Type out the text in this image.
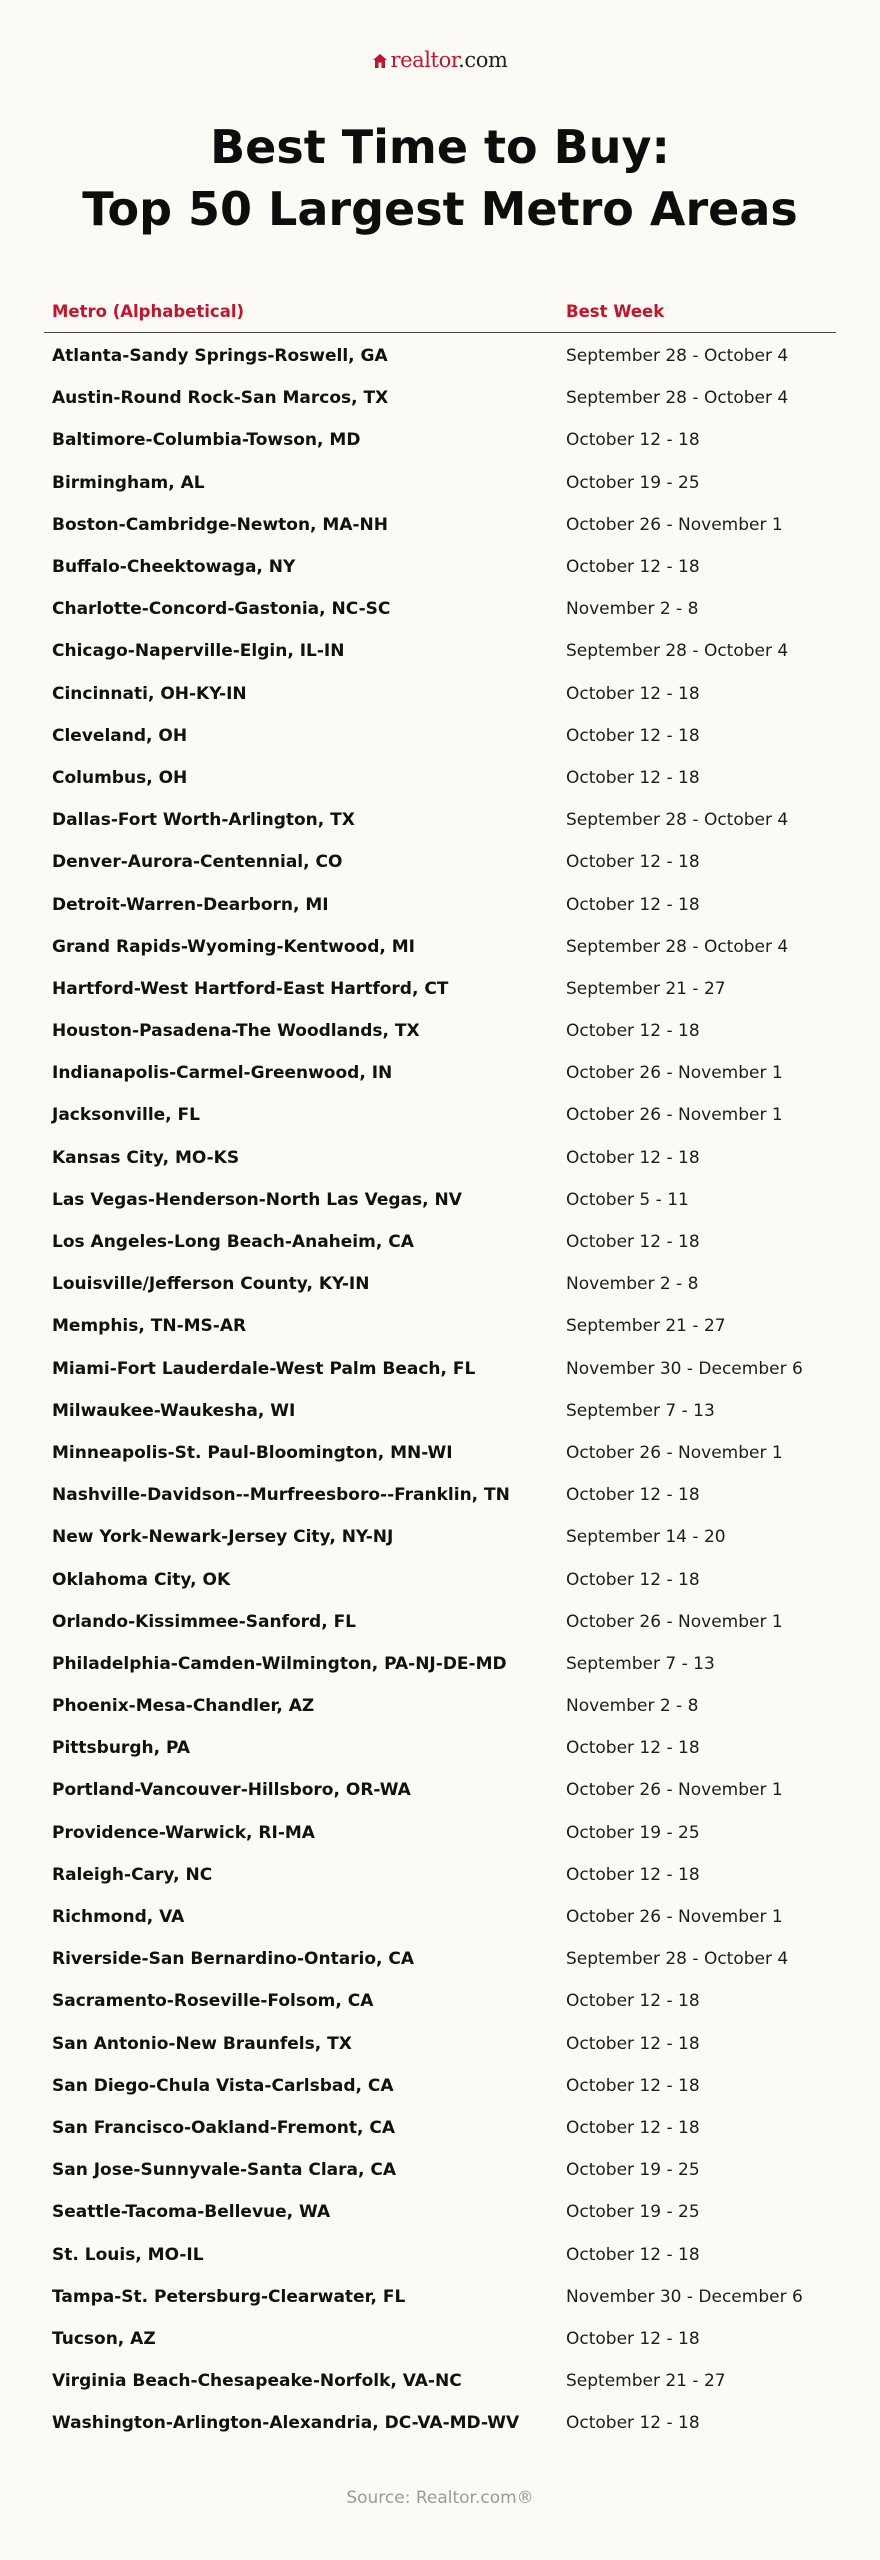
realtor.com
Best Time to Buy:
Top 50 Largest Metro Areas
Metro (Alphabetical)	Best Week
Atlanta-Sandy Springs-Roswell, GA	September 28 - October 4
Austin-Round Rock-San Marcos, TX	September 28 - October 4
Baltimore-Columbia-Towson, MD	October 12 - 18
Birmingham, AL	October 19 - 25
Boston-Cambridge-Newton, MA-NH	October 26 - November 1
Buffalo-Cheektowaga, NY	October 12 - 18
Charlotte-Concord-Gastonia, NC-SC	November 2 - 8
Chicago-Naperville-Elgin, IL-IN	September 28 - October 4
Cincinnati, OH-KY-IN	October 12 - 18
Cleveland, OH	October 12 - 18
Columbus, OH	October 12 - 18
Dallas-Fort Worth-Arlington, TX	September 28 - October 4
Denver-Aurora-Centennial, CO	October 12 - 18
Detroit-Warren-Dearborn, MI	October 12 - 18
Grand Rapids-Wyoming-Kentwood, MI	September 28 - October 4
Hartford-West Hartford-East Hartford, CT	September 21 - 27
Houston-Pasadena-The Woodlands, TX	October 12 - 18
Indianapolis-Carmel-Greenwood, IN	October 26 - November 1
Jacksonville, FL	October 26 - November 1
Kansas City, MO-KS	October 12 - 18
Las Vegas-Henderson-North Las Vegas, NV	October 5 - 11
Los Angeles-Long Beach-Anaheim, CA	October 12 - 18
Louisville/Jefferson County, KY-IN	November 2 - 8
Memphis, TN-MS-AR	September 21 - 27
Miami-Fort Lauderdale-West Palm Beach, FL	November 30 - December 6
Milwaukee-Waukesha, WI	September 7 - 13
Minneapolis-St. Paul-Bloomington, MN-WI	October 26 - November 1
Nashville-Davidson--Murfreesboro--Franklin, TN	October 12 - 18
New York-Newark-Jersey City, NY-NJ	September 14 - 20
Oklahoma City, OK	October 12 - 18
Orlando-Kissimmee-Sanford, FL	October 26 - November 1
Philadelphia-Camden-Wilmington, PA-NJ-DE-MD	September 7 - 13
Phoenix-Mesa-Chandler, AZ	November 2 - 8
Pittsburgh, PA	October 12 - 18
Portland-Vancouver-Hillsboro, OR-WA	October 26 - November 1
Providence-Warwick, RI-MA	October 19 - 25
Raleigh-Cary, NC	October 12 - 18
Richmond, VA	October 26 - November 1
Riverside-San Bernardino-Ontario, CA	September 28 - October 4
Sacramento-Roseville-Folsom, CA	October 12 - 18
San Antonio-New Braunfels, TX	October 12 - 18
San Diego-Chula Vista-Carlsbad, CA	October 12 - 18
San Francisco-Oakland-Fremont, CA	October 12 - 18
San Jose-Sunnyvale-Santa Clara, CA	October 19 - 25
Seattle-Tacoma-Bellevue, WA	October 19 - 25
St. Louis, MO-IL	October 12 - 18
Tampa-St. Petersburg-Clearwater, FL	November 30 - December 6
Tucson, AZ	October 12 - 18
Virginia Beach-Chesapeake-Norfolk, VA-NC	September 21 - 27
Washington-Arlington-Alexandria, DC-VA-MD-WV	October 12 - 18
Source: Realtor.com®
